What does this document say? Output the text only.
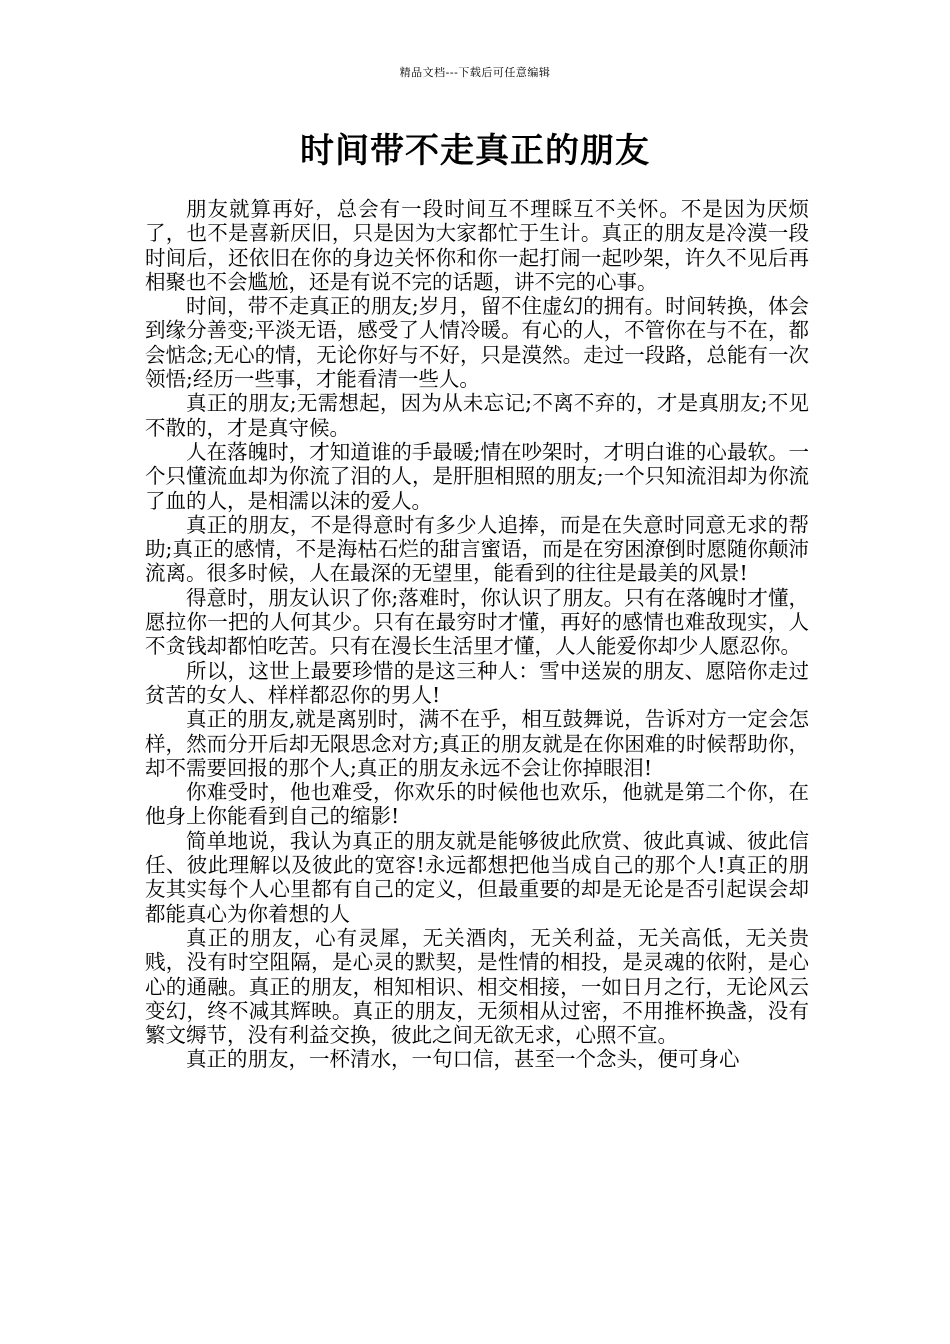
精品文档---下载后可任意编辑
时间带不走真正的朋友

朋友就算再好，总会有一段时间互不理睬互不关怀。不是因为厌烦了，也不是喜新厌旧，只是因为大家都忙于生计。真正的朋友是冷漠一段时间后，还依旧在你的身边关怀你和你一起打闹一起吵架，许久不见后再相聚也不会尴尬，还是有说不完的话题，讲不完的心事。

时间，带不走真正的朋友;岁月，留不住虚幻的拥有。时间转换，体会到缘分善变;平淡无语，感受了人情冷暖。有心的人，不管你在与不在，都会惦念;无心的情，无论你好与不好，只是漠然。走过一段路，总能有一次领悟;经历一些事，才能看清一些人。

真正的朋友;无需想起，因为从未忘记;不离不弃的，才是真朋友;不见不散的，才是真守候。

人在落魄时，才知道谁的手最暖;情在吵架时，才明白谁的心最软。一个只懂流血却为你流了泪的人，是肝胆相照的朋友;一个只知流泪却为你流了血的人，是相濡以沫的爱人。

真正的朋友，不是得意时有多少人追捧，而是在失意时同意无求的帮助;真正的感情，不是海枯石烂的甜言蜜语，而是在穷困潦倒时愿随你颠沛流离。很多时候，人在最深的无望里，能看到的往往是最美的风景!

得意时，朋友认识了你;落难时，你认识了朋友。只有在落魄时才懂，愿拉你一把的人何其少。只有在最穷时才懂，再好的感情也难敌现实，人不贪钱却都怕吃苦。只有在漫长生活里才懂，人人能爱你却少人愿忍你。

所以，这世上最要珍惜的是这三种人：雪中送炭的朋友、愿陪你走过贫苦的女人、样样都忍你的男人!

真正的朋友,就是离别时，满不在乎，相互鼓舞说，告诉对方一定会怎样，然而分开后却无限思念对方;真正的朋友就是在你困难的时候帮助你，却不需要回报的那个人;真正的朋友永远不会让你掉眼泪!

你难受时，他也难受，你欢乐的时候他也欢乐，他就是第二个你，在他身上你能看到自己的缩影!

简单地说，我认为真正的朋友就是能够彼此欣赏、彼此真诚、彼此信任、彼此理解以及彼此的宽容!永远都想把他当成自己的那个人!真正的朋友其实每个人心里都有自己的定义，但最重要的却是无论是否引起误会却都能真心为你着想的人

真正的朋友，心有灵犀，无关酒肉，无关利益，无关高低，无关贵贱，没有时空阻隔，是心灵的默契，是性情的相投，是灵魂的依附，是心心的通融。真正的朋友，相知相识、相交相接，一如日月之行，无论风云变幻，终不减其辉映。真正的朋友，无须相从过密，不用推杯换盏，没有繁文缛节，没有利益交换，彼此之间无欲无求，心照不宣。

真正的朋友，一杯清水，一句口信，甚至一个念头，便可身心
